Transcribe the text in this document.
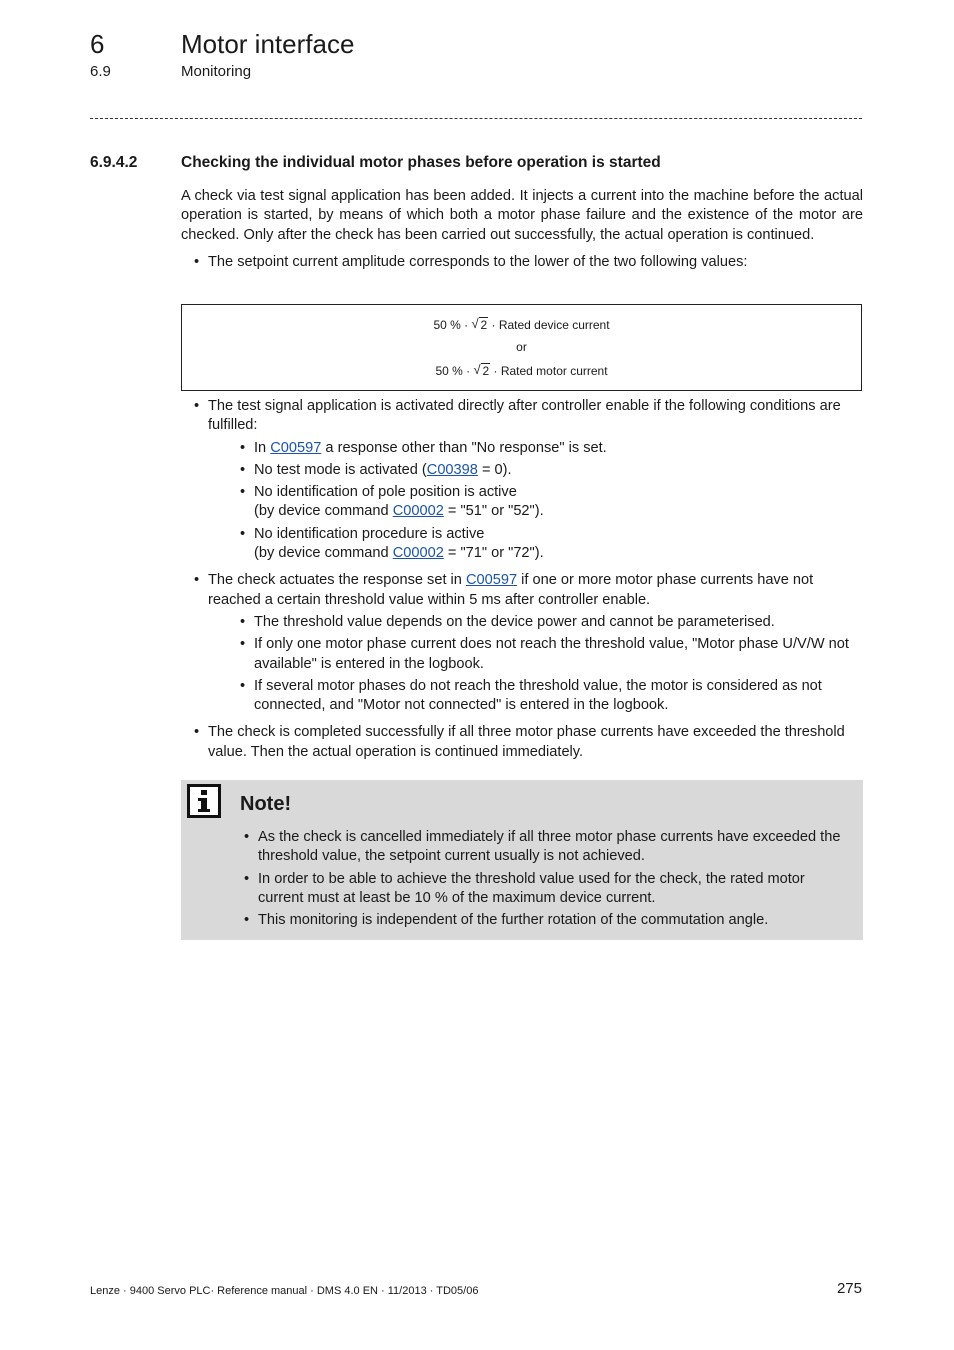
6	Motor interface
6.9	Monitoring
6.9.4.2	Checking the individual motor phases before operation is started

A check via test signal application has been added. It injects a current into the machine before the actual operation is started, by means of which both a motor phase failure and the existence of the motor are checked. Only after the check has been carried out successfully, the actual operation is continued.

• The setpoint current amplitude corresponds to the lower of the two following values:
50 % · √ 2 · Rated device current
or
50 % · √ 2 · Rated motor current
• The test signal application is activated directly after controller enable if the following conditions are fulfilled:
• In C00597 a response other than "No response" is set.
• No test mode is activated (C00398 = 0).
• No identification of pole position is active
(by device command C00002 = "51" or "52").
• No identification procedure is active
(by device command C00002 = "71" or "72").
• The check actuates the response set in C00597 if one or more motor phase currents have not reached a certain threshold value within 5 ms after controller enable.
• The threshold value depends on the device power and cannot be parameterised.
• If only one motor phase current does not reach the threshold value, "Motor phase U/V/W not available" is entered in the logbook.
• If several motor phases do not reach the threshold value, the motor is considered as not connected, and "Motor not connected" is entered in the logbook.
• The check is completed successfully if all three motor phase currents have exceeded the threshold value. Then the actual operation is continued immediately.
Note!
• As the check is cancelled immediately if all three motor phase currents have exceeded the threshold value, the setpoint current usually is not achieved.
• In order to be able to achieve the threshold value used for the check, the rated motor current must at least be 10 % of the maximum device current.
• This monitoring is independent of the further rotation of the commutation angle.
Lenze · 9400 Servo PLC· Reference manual · DMS 4.0 EN · 11/2013 · TD05/06	275
